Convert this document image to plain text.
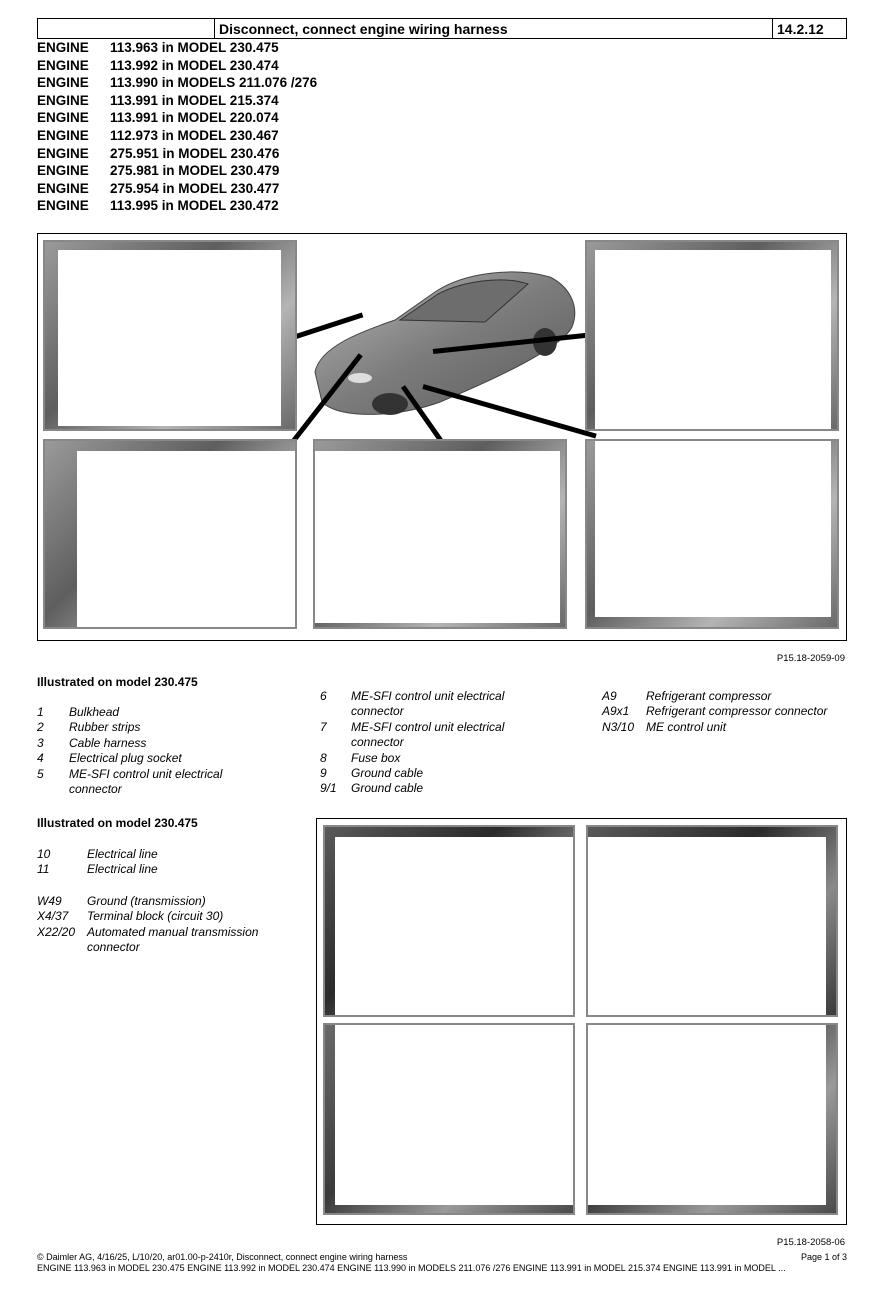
Disconnect, connect engine wiring harness	14.2.12
ENGINE	113.963 in MODEL 230.475
ENGINE	113.992 in MODEL 230.474
ENGINE	113.990 in MODELS 211.076 /276
ENGINE	113.991 in MODEL 215.374
ENGINE	113.991 in MODEL 220.074
ENGINE	112.973 in MODEL 230.467
ENGINE	275.951 in MODEL 230.476
ENGINE	275.981 in MODEL 230.479
ENGINE	275.954 in MODEL 230.477
ENGINE	113.995 in MODEL 230.472
P15.18-2059-09
Illustrated on model 230.475
1	Bulkhead
2	Rubber strips
3	Cable harness
4	Electrical plug socket
5	ME-SFI control unit electrical connector
6	ME-SFI control unit electrical connector
7	ME-SFI control unit electrical connector
8	Fuse box
9	Ground cable
9/1	Ground cable
A9	Refrigerant compressor
A9x1	Refrigerant compressor connector
N3/10 ME control unit
Illustrated on model 230.475
10	Electrical line
11	Electrical line
W49	Ground (transmission)
X4/37	Terminal block (circuit 30)
X22/20 Automated manual transmission connector
P15.18-2058-06
© Daimler AG, 4/16/25, L/10/20, ar01.00-p-2410r, Disconnect, connect engine wiring harness	Page 1 of 3
ENGINE 113.963 in MODEL 230.475 ENGINE 113.992 in MODEL 230.474 ENGINE 113.990 in MODELS 211.076 /276 ENGINE 113.991 in MODEL 215.374 ENGINE 113.991 in MODEL ...
